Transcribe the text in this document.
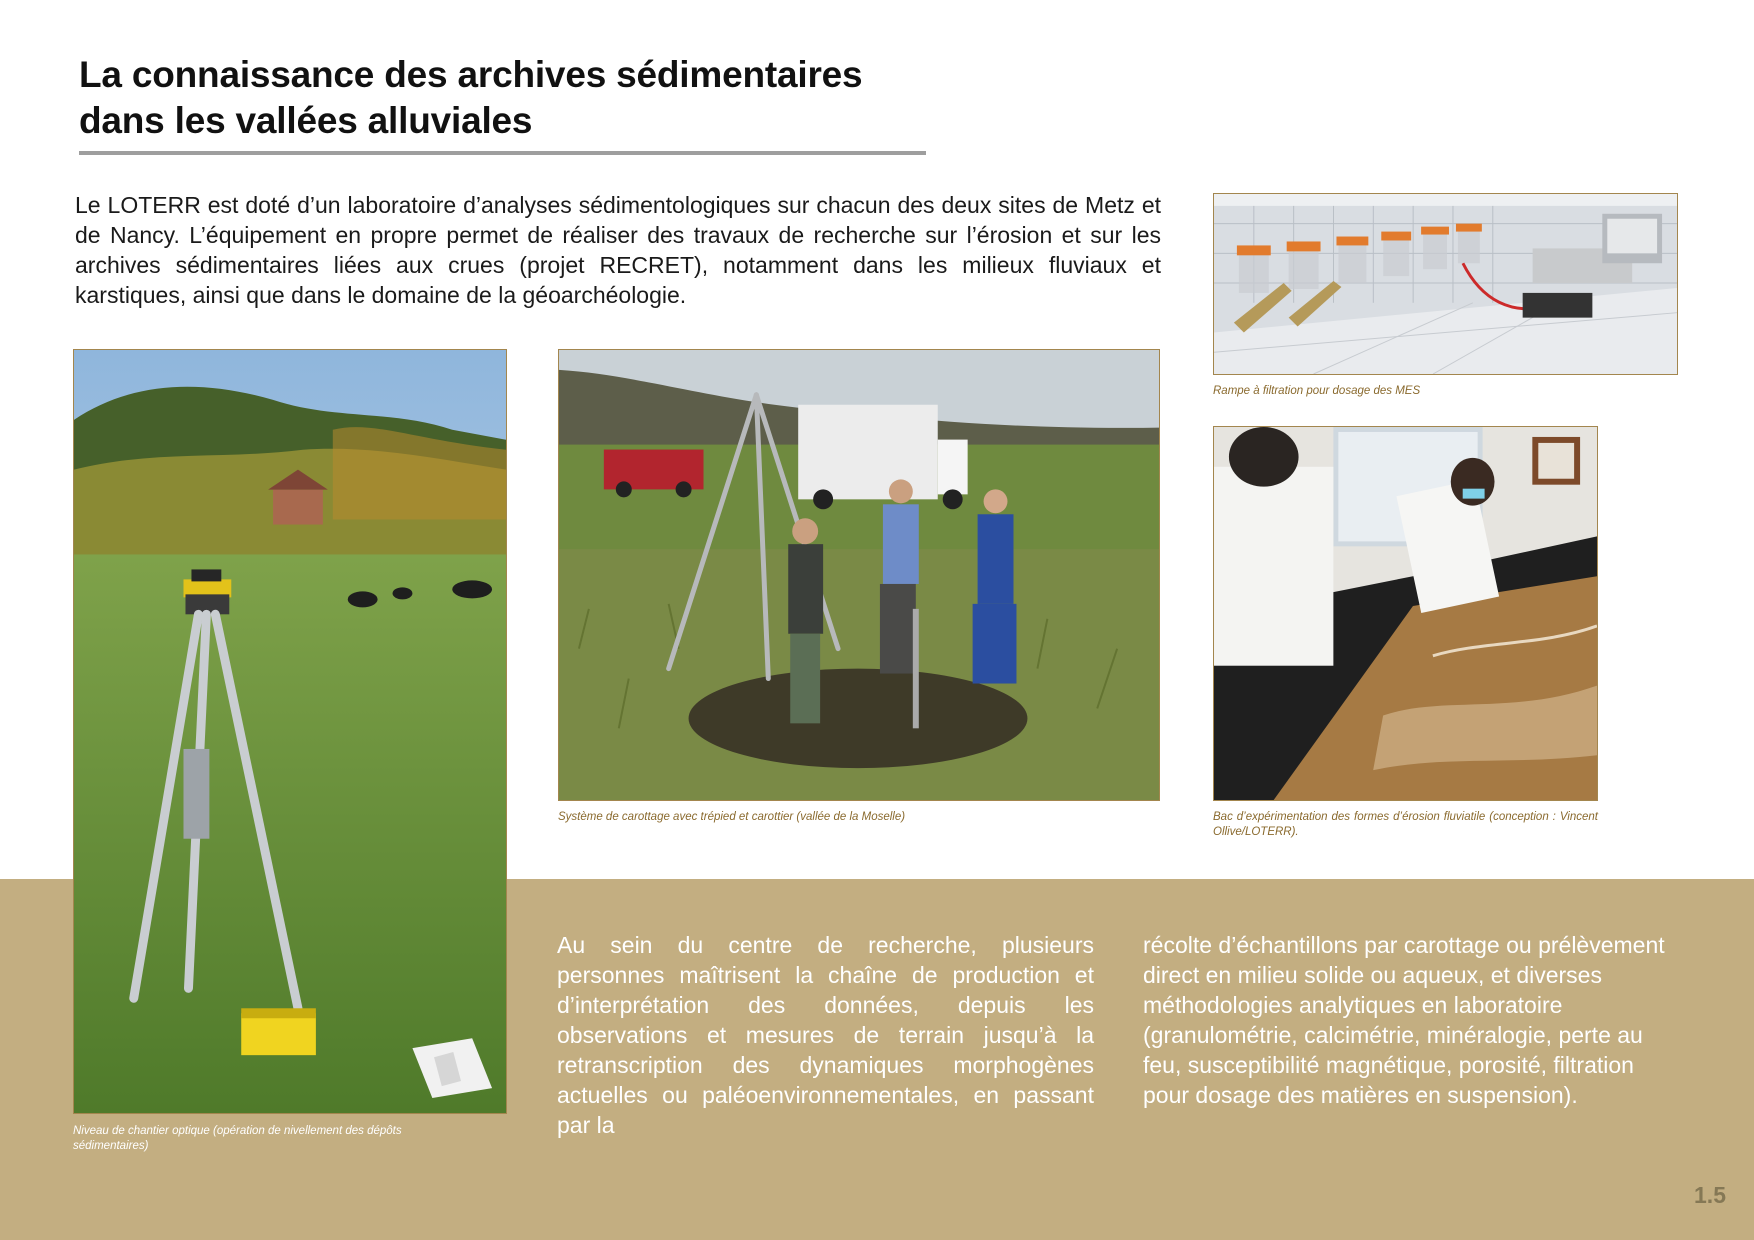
La connaissance des archives sédimentaires
dans les vallées alluviales

Le LOTERR est doté d’un laboratoire d’analyses sédimentologiques sur chacun des deux sites de Metz et de Nancy. L’équipement en propre permet de réaliser des travaux de recherche sur l’érosion et sur les archives sédimentaires liées aux crues (projet RECRET), notamment dans les milieux fluviaux et karstiques, ainsi que dans le domaine de la géoarchéologie.

Rampe à filtration pour dosage des MES
Niveau de chantier optique (opération de nivellement des dépôts sédimentaires)
Système de carottage avec trépied et carottier (vallée de la Moselle)	Bac d’expérimentation des formes d’érosion fluviatile (conception : Vincent Ollive/LOTERR).

Au sein du centre de recherche, plusieurs personnes maîtrisent la chaîne de production et d’interprétation des données, depuis les observations et mesures de terrain jusqu’à la retranscription des dynamiques morphogènes actuelles ou paléoenvironnementales, en passant par la

récolte d’échantillons par carottage ou prélèvement direct en milieu solide ou aqueux, et diverses méthodologies analytiques en laboratoire (granulométrie, calcimétrie, minéralogie, perte au feu, susceptibilité magnétique, porosité, filtration pour dosage des matières en suspension).

1.5
